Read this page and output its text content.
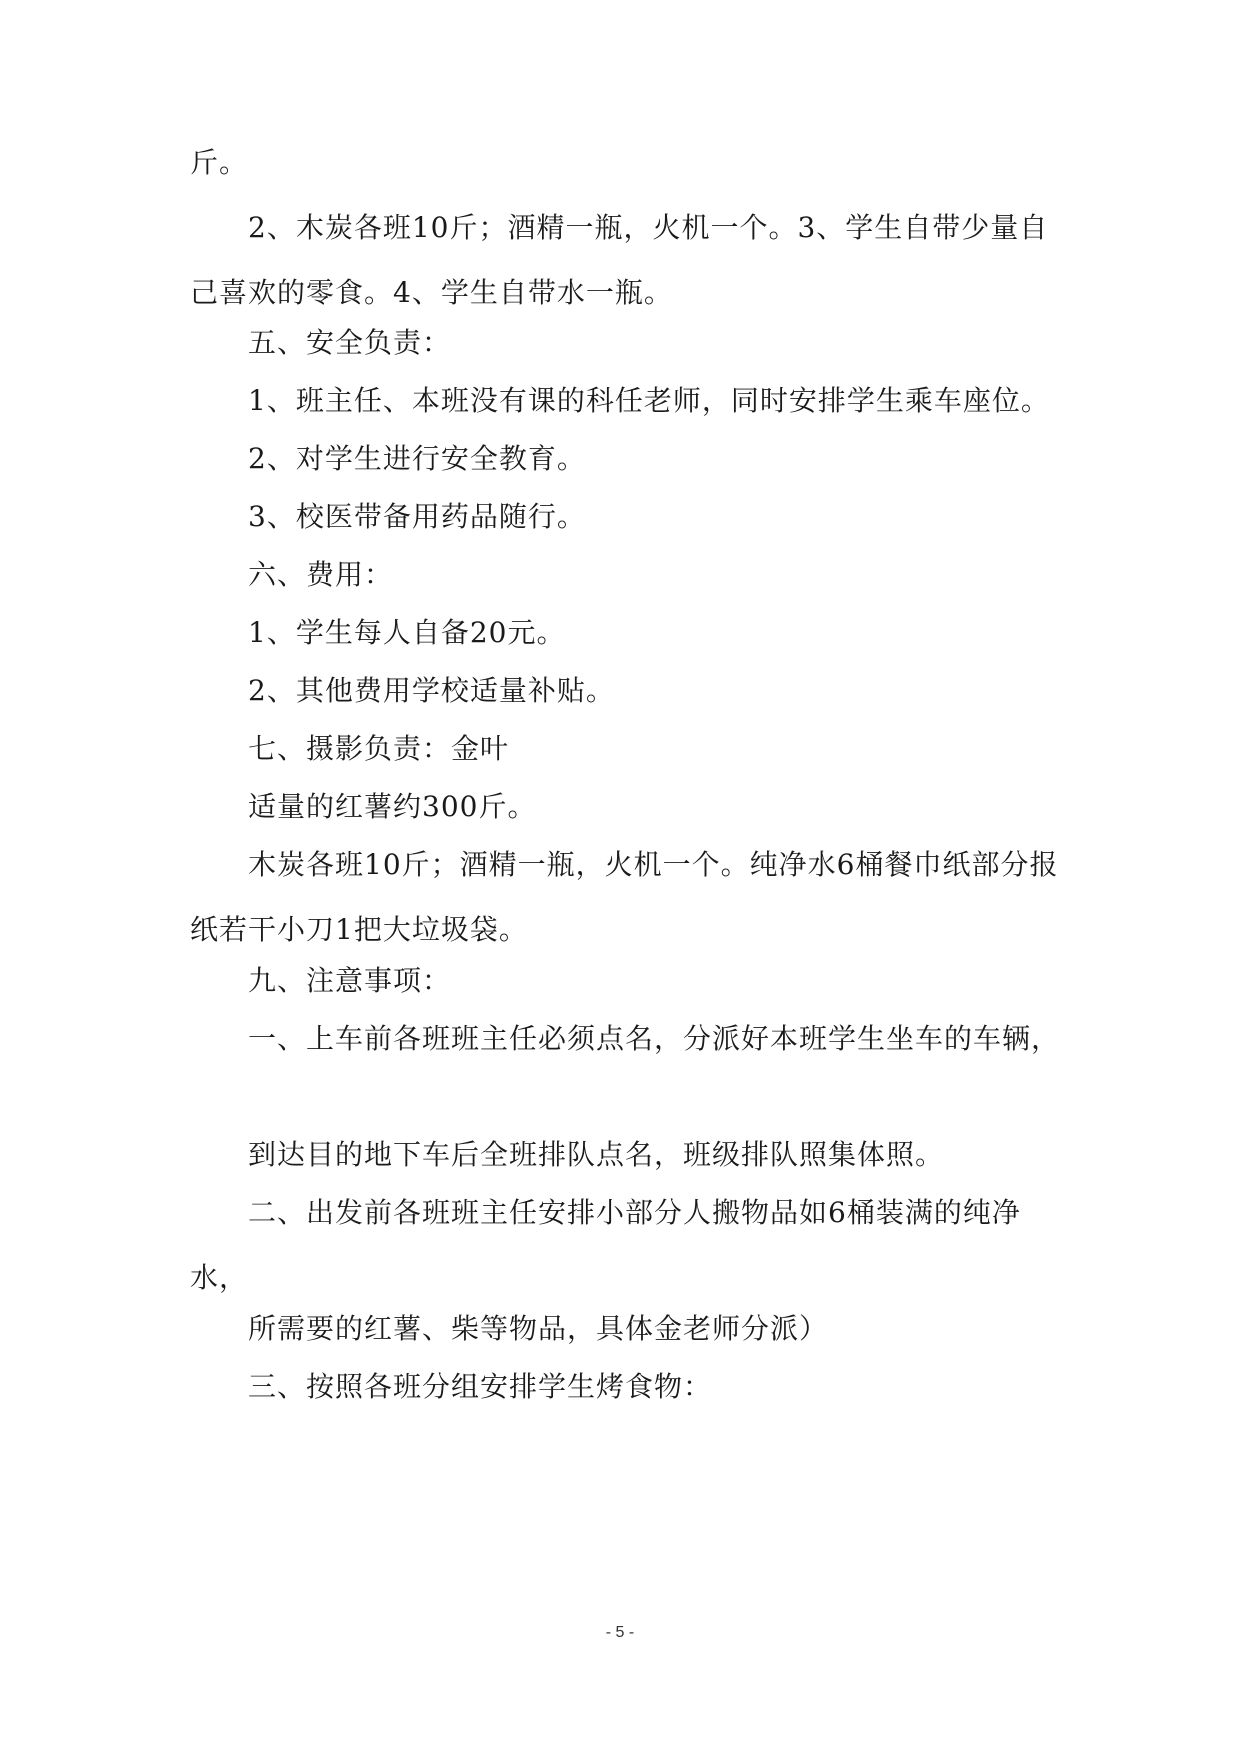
斤。

2、木炭各班10斤；酒精一瓶，火机一个。3、学生自带少量自己喜欢的零食。4、学生自带水一瓶。

五、安全负责：

1、班主任、本班没有课的科任老师，同时安排学生乘车座位。

2、对学生进行安全教育。

3、校医带备用药品随行。

六、费用：

1、学生每人自备20元。

2、其他费用学校适量补贴。

七、摄影负责：金叶

适量的红薯约300斤。

木炭各班10斤；酒精一瓶，火机一个。纯净水6桶餐巾纸部分报纸若干小刀1把大垃圾袋。

九、注意事项：

一、上车前各班班主任必须点名，分派好本班学生坐车的车辆，

到达目的地下车后全班排队点名，班级排队照集体照。

二、出发前各班班主任安排小部分人搬物品如6桶装满的纯净水，

所需要的红薯、柴等物品，具体金老师分派）

三、按照各班分组安排学生烤食物：

- 5 -
